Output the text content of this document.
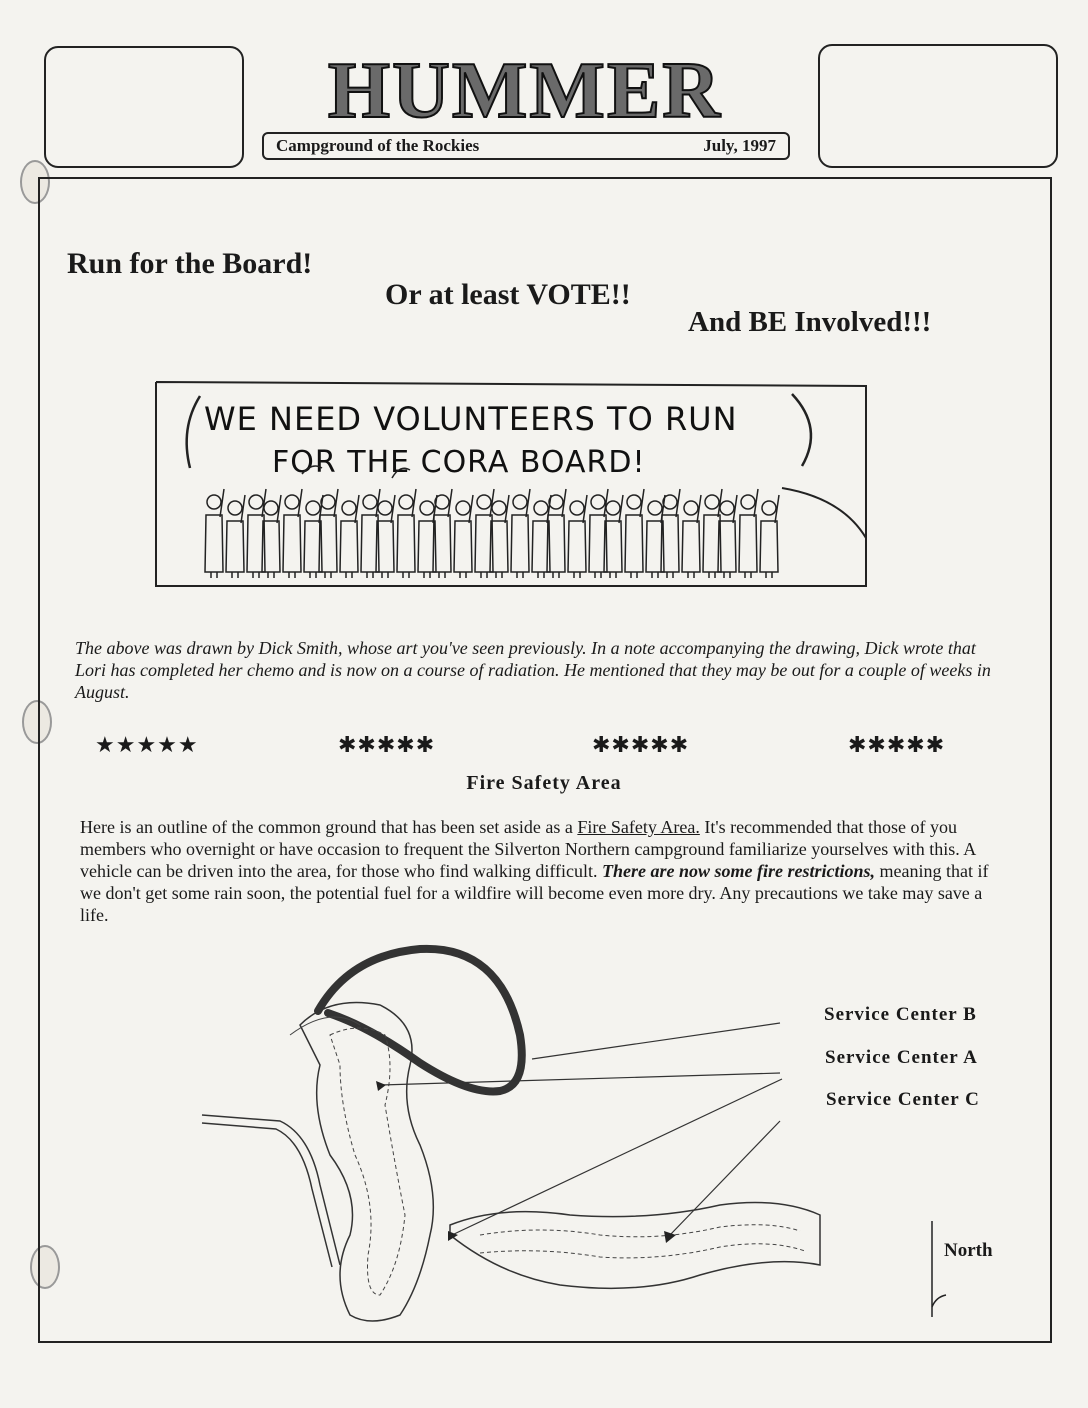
HUMMER
Campground of the Rockies	July, 1997
Run for the Board!
Or at least VOTE!!
And BE Involved!!!
WE NEED VOLUNTEERS TO RUN
FOR THE CORA BOARD!
The above was drawn by Dick Smith, whose art you've seen previously. In a note accompanying the drawing, Dick wrote that Lori has completed her chemo and is now on a course of radiation. He mentioned that they may be out for a couple of weeks in August.
★★★★★	✱✱✱✱✱	✱✱✱✱✱	✱✱✱✱✱
Fire Safety Area
Here is an outline of the common ground that has been set aside as a Fire Safety Area. It's recommended that those of you members who overnight or have occasion to frequent the Silverton Northern campground familiarize yourselves with this. A vehicle can be driven into the area, for those who find walking difficult. There are now some fire restrictions, meaning that if we don't get some rain soon, the potential fuel for a wildfire will become even more dry. Any precautions we take may save a life.
Service Center B
Service Center A
Service Center C
North
